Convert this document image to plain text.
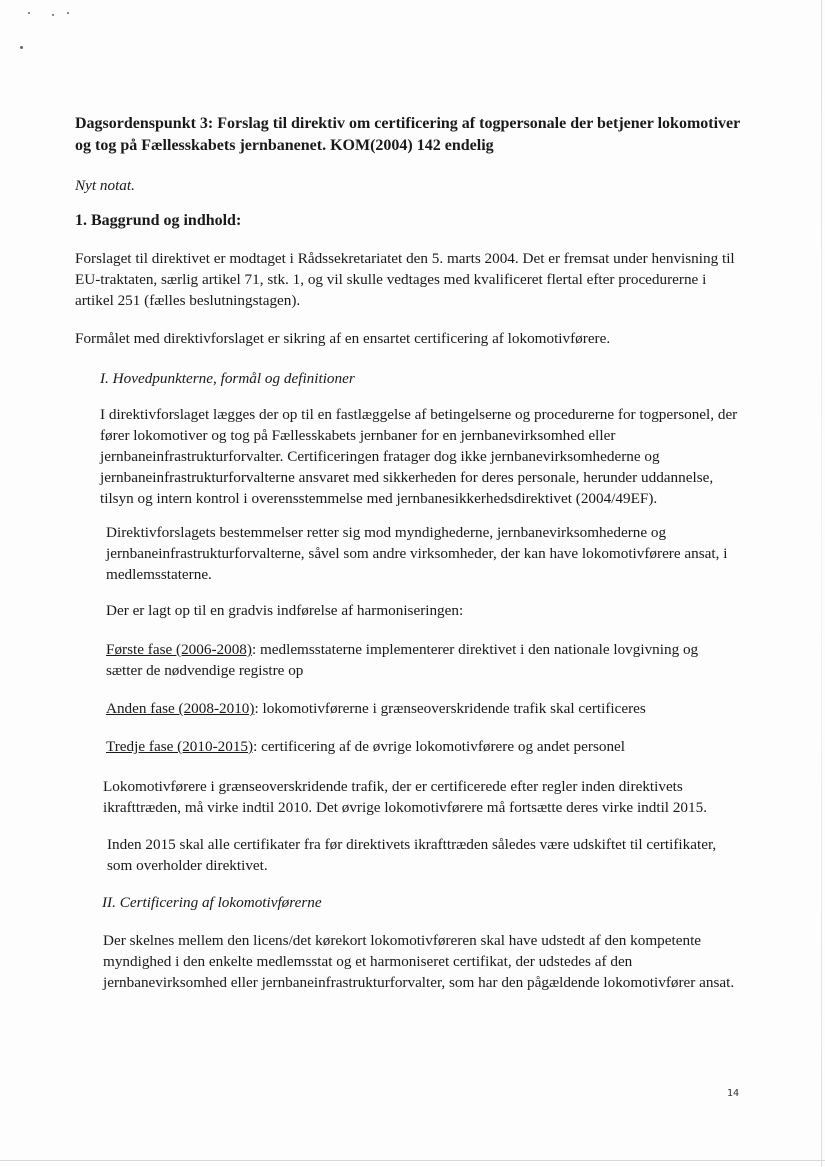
Dagsordenspunkt 3: Forslag til direktiv om certificering af togpersonale der betjener lokomotiver og tog på Fællesskabets jernbanenet. KOM(2004) 142 endelig
Nyt notat.
1. Baggrund og indhold:
Forslaget til direktivet er modtaget i Rådssekretariatet den 5. marts 2004. Det er fremsat under henvisning til EU-traktaten, særlig artikel 71, stk. 1, og vil skulle vedtages med kvalificeret flertal efter procedurerne i artikel 251 (fælles beslutningstagen).
Formålet med direktivforslaget er sikring af en ensartet certificering af lokomotivførere.
I. Hovedpunkterne, formål og definitioner
I direktivforslaget lægges der op til en fastlæggelse af betingelserne og procedurerne for togpersonel, der fører lokomotiver og tog på Fællesskabets jernbaner for en jernbanevirksomhed eller jernbaneinfrastrukturforvalter. Certificeringen fratager dog ikke jernbanevirksomhederne og jernbaneinfrastrukturforvalterne ansvaret med sikkerheden for deres personale, herunder uddannelse, tilsyn og intern kontrol i overensstemmelse med jernbanesikkerhedsdirektivet (2004/49EF).
Direktivforslagets bestemmelser retter sig mod myndighederne, jernbanevirksomhederne og jernbaneinfrastrukturforvalterne, såvel som andre virksomheder, der kan have lokomotivførere ansat, i medlemsstaterne.
Der er lagt op til en gradvis indførelse af harmoniseringen:
Første fase (2006-2008): medlemsstaterne implementerer direktivet i den nationale lovgivning og sætter de nødvendige registre op
Anden fase (2008-2010): lokomotivførerne i grænseoverskridende trafik skal certificeres
Tredje fase (2010-2015): certificering af de øvrige lokomotivførere og andet personel
Lokomotivførere i grænseoverskridende trafik, der er certificerede efter regler inden direktivets ikrafttræden, må virke indtil 2010. Det øvrige lokomotivførere må fortsætte deres virke indtil 2015.
Inden 2015 skal alle certifikater fra før direktivets ikrafttræden således være udskiftet til certifikater, som overholder direktivet.
II. Certificering af lokomotivførerne
Der skelnes mellem den licens/det kørekort lokomotivføreren skal have udstedt af den kompetente myndighed i den enkelte medlemsstat og et harmoniseret certifikat, der udstedes af den jernbanevirksomhed eller jernbaneinfrastrukturforvalter, som har den pågældende lokomotivfører ansat.
14
